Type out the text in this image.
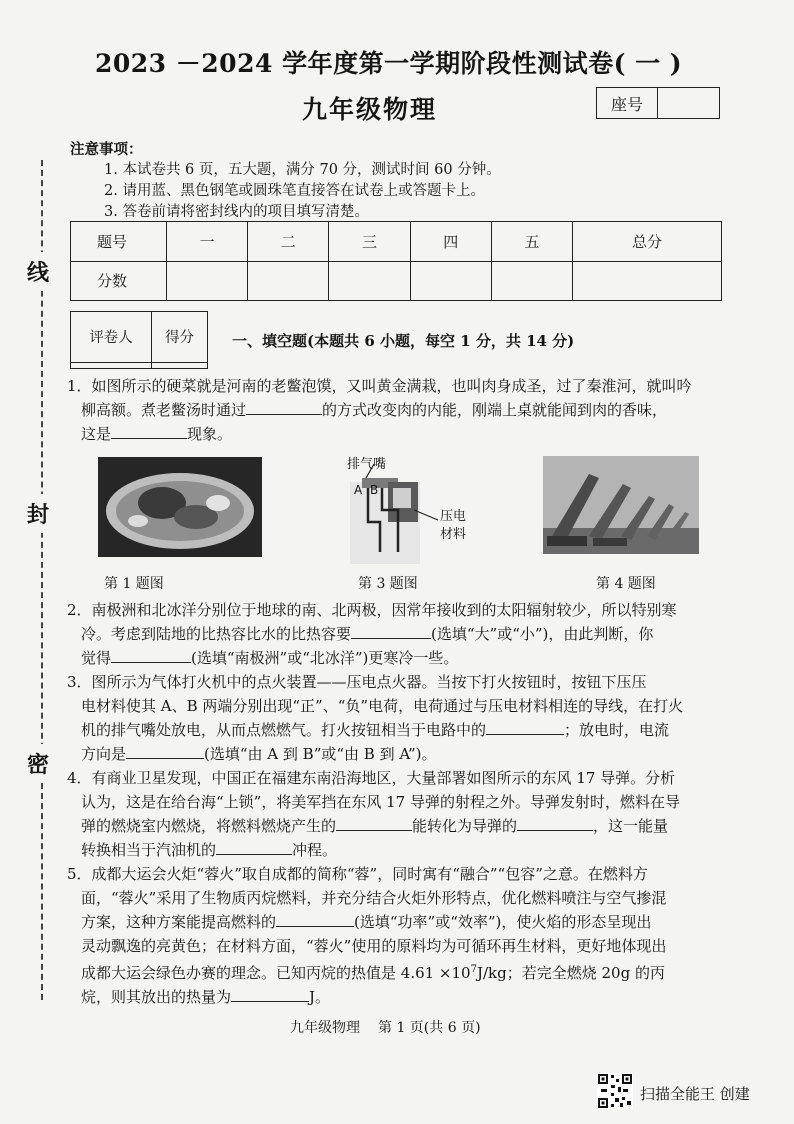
线
封
密
2023 －2024 学年度第一学期阶段性测试卷( 一 )
九年级物理	座号
注意事项：
1. 本试卷共 6 页，五大题，满分 70 分，测试时间 60 分钟。
2. 请用蓝、黑色钢笔或圆珠笔直接答在试卷上或答题卡上。
3. 答卷前请将密封线内的项目填写清楚。
题号	一	二	三	四	五	总分
分数						
评卷人	得分
		一、填空题(本题共 6 小题，每空 1 分，共 14 分)
1．如图所示的硬菜就是河南的老鳖泡馍，又叫黄金满栽，也叫肉身成圣，过了秦淮河，就叫吟
柳高额。煮老鳖汤时通过	的方式改变肉的内能，刚端上桌就能闻到肉的香味，
这是	现象。
第 1 题图
排气嘴
A B
压电
材料
第 3 题图	第 4 题图
2．南极洲和北冰洋分别位于地球的南、北两极，因常年接收到的太阳辐射较少，所以特别寒
冷。考虑到陆地的比热容比水的比热容要	(选填“大”或“小”)，由此判断，你
觉得	(选填“南极洲”或“北冰洋”)更寒冷一些。
3．图所示为气体打火机中的点火装置——压电点火器。当按下打火按钮时，按钮下压压
电材料使其 A、B 两端分别出现“正”、“负”电荷，电荷通过与压电材料相连的导线，在打火
机的排气嘴处放电，从而点燃燃气。打火按钮相当于电路中的	；放电时，电流
方向是	(选填“由 A 到 B”或“由 B 到 A”)。
4．有商业卫星发现，中国正在福建东南沿海地区，大量部署如图所示的东风 17 导弹。分析
认为，这是在给台海“上锁”，将美军挡在东风 17 导弹的射程之外。导弹发射时，燃料在导
弹的燃烧室内燃烧，将燃料燃烧产生的	能转化为导弹的	，这一能量
转换相当于汽油机的	冲程。
5．成都大运会火炬“蓉火”取自成都的简称“蓉”，同时寓有“融合”“包容”之意。在燃料方
面，“蓉火”采用了生物质丙烷燃料，并充分结合火炬外形特点，优化燃料喷注与空气掺混
方案，这种方案能提高燃料的	(选填“功率”或“效率”)，使火焰的形态呈现出
灵动飘逸的亮黄色；在材料方面，“蓉火”使用的原料均为可循环再生材料，更好地体现出
成都大运会绿色办赛的理念。已知丙烷的热值是 $4.61 \times 10^7J/kg$；若完全燃烧 20g 的丙
烷，则其放出的热量为	J。
九年级物理 第 1 页(共 6 页)
扫描全能王 创建
